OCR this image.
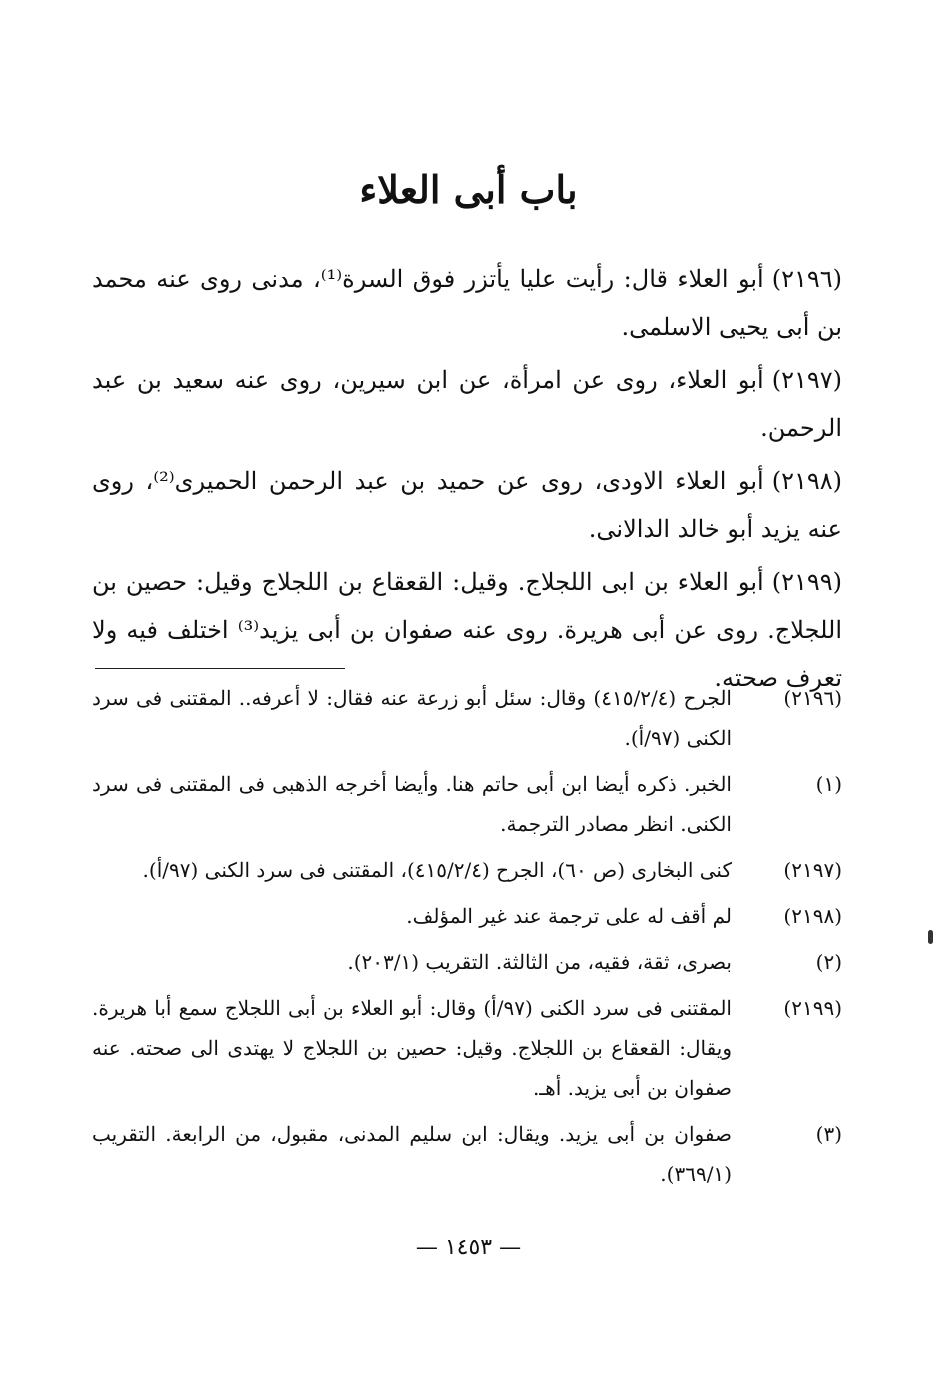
باب أبى العلاء

(٢١٩٦)أبو العلاء قال: رأيت عليا يأتزر فوق السرة⁽¹⁾، مدنى روى عنه محمد بن أبى يحيى الاسلمى.

(٢١٩٧)أبو العلاء، روى عن امرأة، عن ابن سيرين، روى عنه سعيد بن عبد الرحمن.

(٢١٩٨)أبو العلاء الاودى، روى عن حميد بن عبد الرحمن الحميرى⁽²⁾، روى عنه يزيد أبو خالد الدالانى.

(٢١٩٩)أبو العلاء بن ابى اللجلاج. وقيل: القعقاع بن اللجلاج وقيل: حصين بن اللجلاج. روى عن أبى هريرة. روى عنه صفوان بن أبى يزيد⁽³⁾ اختلف فيه ولا تعرف صحته.

(٢١٩٦)
الجرح (٤١٥/٢/٤) وقال: سئل أبو زرعة عنه فقال: لا أعرفه.. المقتنى فى سرد الكنى (٩٧/أ).
(١)
الخبر. ذكره أيضا ابن أبى حاتم هنا. وأيضا أخرجه الذهبى فى المقتنى فى سرد الكنى. انظر مصادر الترجمة.
(٢١٩٧)
كنى البخارى (ص ٦٠)، الجرح (٤١٥/٢/٤)، المقتنى فى سرد الكنى (٩٧/أ).
(٢١٩٨)
لم أقف له على ترجمة عند غير المؤلف.
(٢)
بصرى، ثقة، فقيه، من الثالثة. التقريب (٢٠٣/١).
(٢١٩٩)
المقتنى فى سرد الكنى (٩٧/أ) وقال: أبو العلاء بن أبى اللجلاج سمع أبا هريرة. ويقال: القعقاع بن اللجلاج. وقيل: حصين بن اللجلاج لا يهتدى الى صحته. عنه صفوان بن أبى يزيد. أهـ.
(٣)
صفوان بن أبى يزيد. ويقال: ابن سليم المدنى، مقبول، من الرابعة. التقريب (٣٦٩/١).
— ١٤٥٣ —
